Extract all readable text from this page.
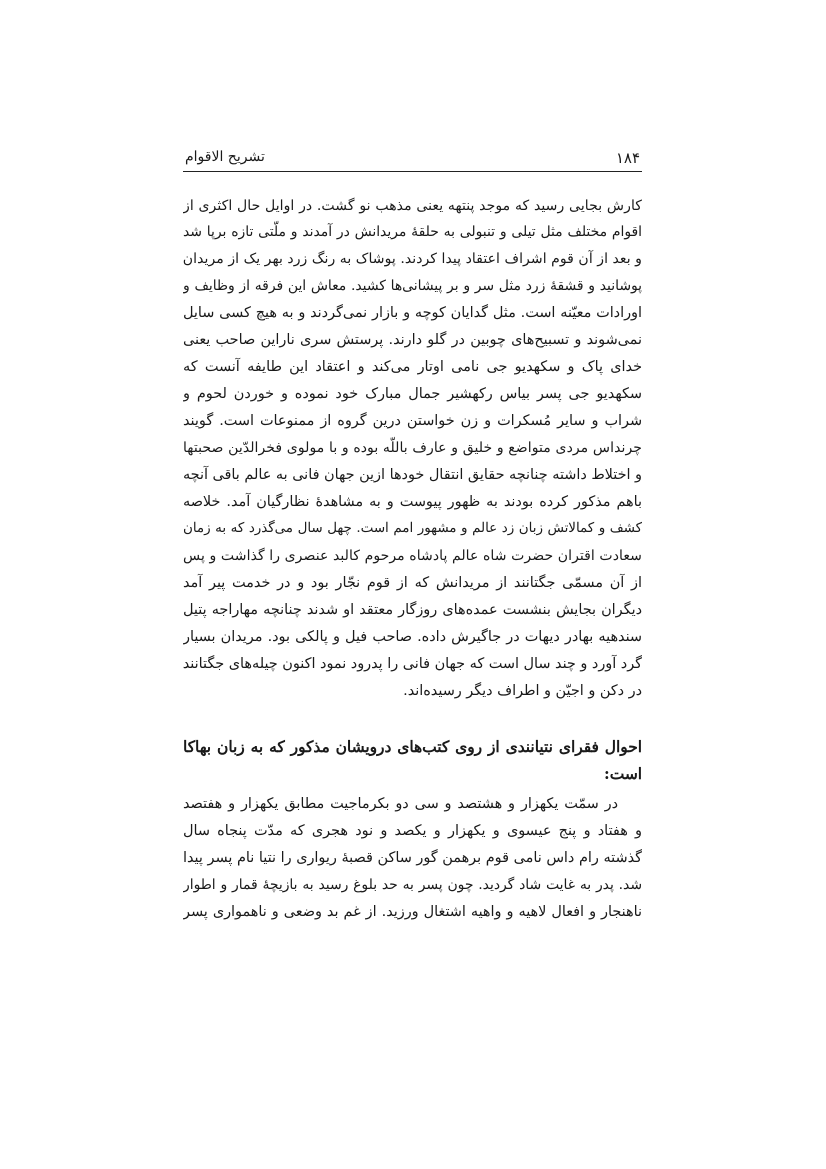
۱۸۴
تشریح الاقوام
کارش بجایی رسید که موجد پنتهه یعنی مذهب نو گشت. در اوایل حال اکثری از
اقوام مختلف مثل تیلی و تنبولی به حلقهٔ مریدانش در آمدند و ملّتی تازه برپا شد
و بعد از آن قوم اشراف اعتقاد پیدا کردند. پوشاک به رنگ زرد بهر یک از مریدان
پوشانید و قشقهٔ زرد مثل سر و بر پیشانی‌ها کشید. معاش این فرقه از وظایف و
اورادات معیّنه است. مثل گدایان کوچه و بازار نمی‌گردند و به هیچ کسی سایل
نمی‌شوند و تسبیح‌های چوبین در گلو دارند. پرستش سری ناراین صاحب یعنی
خدای پاک و سکهدیو جی نامی اوتار می‌کند و اعتقاد این طایفه آنست که
سکهدیو جی پسر بیاس رکهشیر جمال مبارک خود نموده و خوردن لحوم و
شراب و سایر مُسکرات و زن خواستن درین گروه از ممنوعات است. گویند
چرنداس مردی متواضع و خلیق و عارف باللّه بوده و با مولوی فخرالدّین صحبتها
و اختلاط داشته چنانچه حقایق انتقال خودها ازین جهان فانی به عالم باقی آنچه
باهم مذکور کرده بودند به ظهور پیوست و به مشاهدهٔ نظارگیان آمد. خلاصه
کشف و کمالاتش زبان زد عالم و مشهور امم است. چهل سال می‌گذرد که به زمان
سعادت اقتران حضرت شاه عالم پادشاه مرحوم کالبد عنصری را گذاشت و پس
از آن مسمّی جگتانند از مریدانش که از قوم نجّار بود و در خدمت پیر آمد
دیگران بجایش بنشست عمده‌های روزگار معتقد او شدند چنانچه مهاراجه پتیل
سندهیه بهادر دیهات در جاگیرش داده. صاحب فیل و پالکی بود. مریدان بسیار
گرد آورد و چند سال است که جهان فانی را پدرود نمود اکنون چیله‌های جگتانند
در دکن و اجیّن و اطراف دیگر رسیده‌اند.
احوال فقرای نتیانندی از روی کتب‌های درویشان مذکور که به زبان بهاکا
است:
در سمّت یکهزار و هشتصد و سی دو بکرماجیت مطابق یکهزار و هفتصد
و هفتاد و پنج عیسوی و یکهزار و یکصد و نود هجری که مدّت پنجاه سال
گذشته رام داس نامی قوم برهمن گور ساکن قصبهٔ ریواری را نتیا نام پسر پیدا
شد. پدر به غایت شاد گردید. چون پسر به حد بلوغ رسید به بازیچهٔ قمار و اطوار
ناهنجار و افعال لاهیه و واهیه اشتغال ورزید. از غم بد وضعی و ناهمواری پسر
